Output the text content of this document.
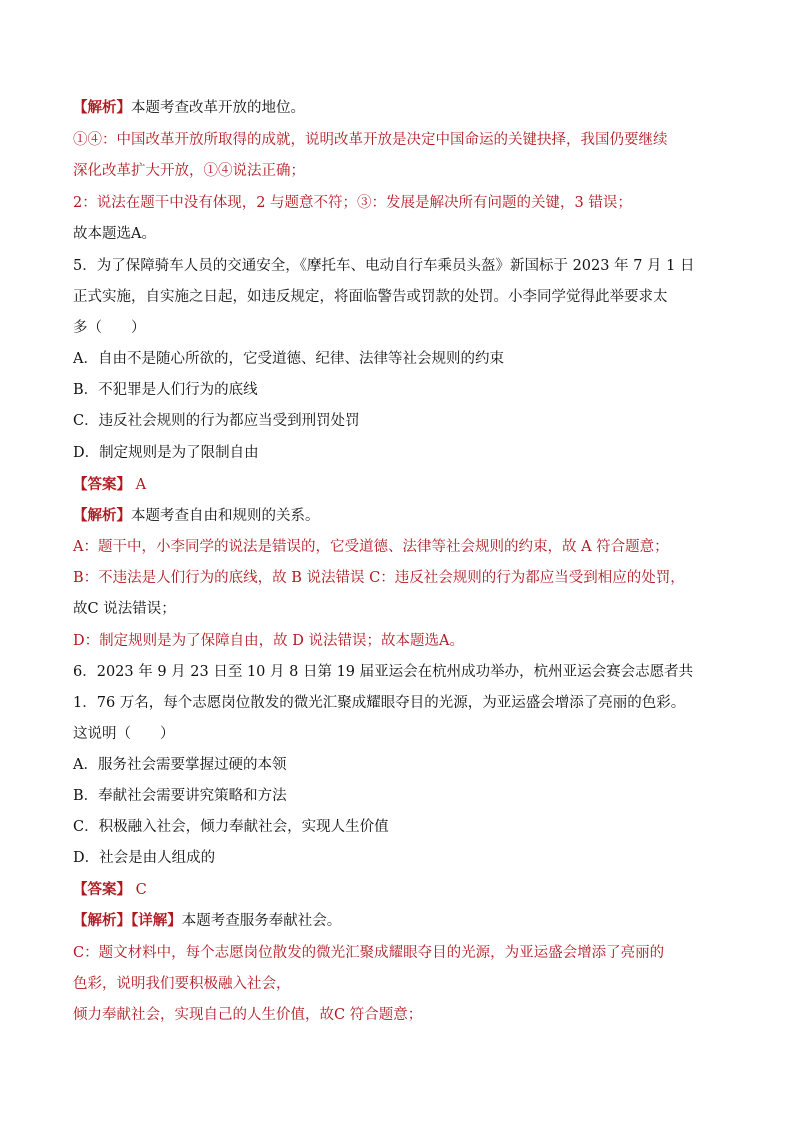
【解析】本题考查改革开放的地位。
①④：中国改革开放所取得的成就，说明改革开放是决定中国命运的关键抉择，我国仍要继续
深化改革扩大开放，①④说法正确；
2：说法在题干中没有体现，2 与题意不符；③：发展是解决所有问题的关键，3 错误；
故本题选A。
5．为了保障骑车人员的交通安全，《摩托车、电动自行车乘员头盔》新国标于 2023 年 7 月 1 日
正式实施，自实施之日起，如违反规定，将面临警告或罚款的处罚。小李同学觉得此举要求太
多（　　）
A．自由不是随心所欲的，它受道德、纪律、法律等社会规则的约束
B．不犯罪是人们行为的底线
C．违反社会规则的行为都应当受到刑罚处罚
D．制定规则是为了限制自由
【答案】 A
【解析】本题考查自由和规则的关系。
A：题干中，小李同学的说法是错误的，它受道德、法律等社会规则的约束，故 A 符合题意；
B：不违法是人们行为的底线，故 B 说法错误 C：违反社会规则的行为都应当受到相应的处罚，
故C 说法错误；
D：制定规则是为了保障自由，故 D 说法错误；故本题选A。
6．2023 年 9 月 23 日至 10 月 8 日第 19 届亚运会在杭州成功举办，杭州亚运会赛会志愿者共
1．76 万名，每个志愿岗位散发的微光汇聚成耀眼夺目的光源，为亚运盛会增添了亮丽的色彩。
这说明（　　）
A．服务社会需要掌握过硬的本领
B．奉献社会需要讲究策略和方法
C．积极融入社会，倾力奉献社会，实现人生价值
D．社会是由人组成的
【答案】 C
【解析】【详解】本题考查服务奉献社会。
C：题文材料中，每个志愿岗位散发的微光汇聚成耀眼夺目的光源，为亚运盛会增添了亮丽的
色彩，说明我们要积极融入社会，
倾力奉献社会，实现自己的人生价值，故C 符合题意；
